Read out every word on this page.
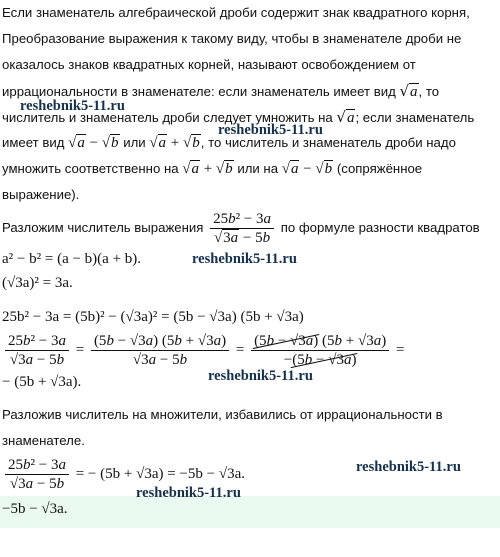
Если знаменатель алгебраической дроби содержит знак квадратного корня,
Преобразование выражения к такому виду, чтобы в знаменателе дроби не
оказалось знаков квадратных корней, называют освобождением от
иррациональности в знаменателе: если знаменатель имеет вид √a, то
числитель и знаменатель дроби следует умножить на √a; если знаменатель
имеет вид √a − √b или √a + √b, то числитель и знаменатель дроби надо
умножить соответственно на √a + √b или на √a − √b (сопряжённое
выражение).
Разложим числитель выражения $\frac{\text{25b² − 3a}}{√3a - 5b}$ по формуле разности квадратов
a² − b² = (a − b)(a + b).
(√3a)² = 3a.
25b² − 3a = (5b)² − (√3a)² = (5b − √3a) (5b + √3a)
$\frac{\text{25b² − 3a}}{√3a - 5b} = \frac{(5b - √3a) (5b + √3a)}{√3a - 5b} = \frac{(5b - √3a) (5b + √3a)}{-(5b - √3a)}$ =
− (5b + √3a).
Разложив числитель на множители, избавились от иррациональности в
знаменателе.
$\frac{\text{25b² − 3a}}{√3a - 5b}$ = − (5b + √3a) = −5b − √3a.
−5b − √3a.
reshebnik5-11.ru
reshebnik5-11.ru
reshebnik5-11.ru
reshebnik5-11.ru
reshebnik5-11.ru
reshebnik5-11.ru
